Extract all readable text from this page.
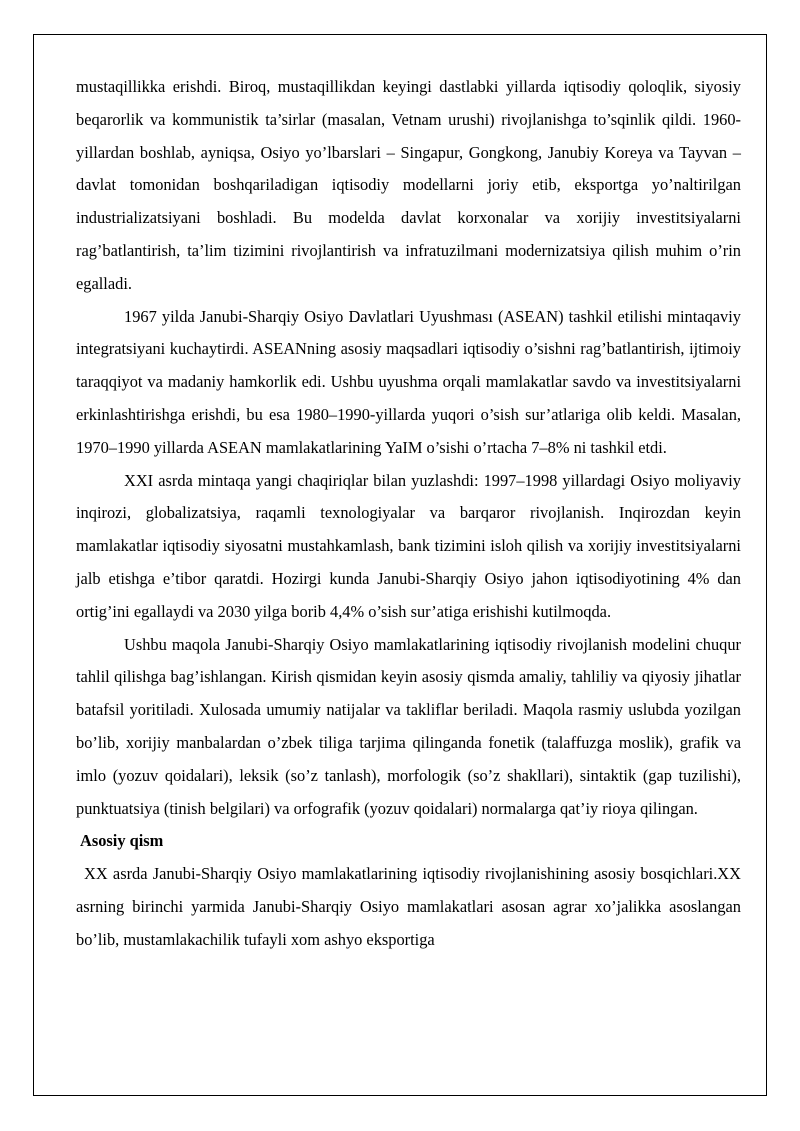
mustaqillikka erishdi. Biroq, mustaqillikdan keyingi dastlabki yillarda iqtisodiy qoloqlik, siyosiy beqarorlik va kommunistik ta’sirlar (masalan, Vetnam urushi) rivojlanishga to’sqinlik qildi. 1960-yillardan boshlab, ayniqsa, Osiyo yo’lbarslari – Singapur, Gongkong, Janubiy Koreya va Tayvan – davlat tomonidan boshqariladigan iqtisodiy modellarni joriy etib, eksportga yo’naltirilgan industrializatsiyani boshladi. Bu modelda davlat korxonalar va xorijiy investitsiyalarni rag’batlantirish, ta’lim tizimini rivojlantirish va infratuzilmani modernizatsiya qilish muhim o’rin egalladi.

1967 yilda Janubi-Sharqiy Osiyo Davlatlari Uyushması (ASEAN) tashkil etilishi mintaqaviy integratsiyani kuchaytirdi. ASEANning asosiy maqsadlari iqtisodiy o’sishni rag’batlantirish, ijtimoiy taraqqiyot va madaniy hamkorlik edi. Ushbu uyushma orqali mamlakatlar savdo va investitsiyalarni erkinlashtirishga erishdi, bu esa 1980–1990-yillarda yuqori o’sish sur’atlariga olib keldi. Masalan, 1970–1990 yillarda ASEAN mamlakatlarining YaIM o’sishi o’rtacha 7–8% ni tashkil etdi.

XXI asrda mintaqa yangi chaqiriqlar bilan yuzlashdi: 1997–1998 yillardagi Osiyo moliyaviy inqirozi, globalizatsiya, raqamli texnologiyalar va barqaror rivojlanish. Inqirozdan keyin mamlakatlar iqtisodiy siyosatni mustahkamlash, bank tizimini isloh qilish va xorijiy investitsiyalarni jalb etishga e’tibor qaratdi. Hozirgi kunda Janubi-Sharqiy Osiyo jahon iqtisodiyotining 4% dan ortig’ini egallaydi va 2030 yilga borib 4,4% o’sish sur’atiga erishishi kutilmoqda.

Ushbu maqola Janubi-Sharqiy Osiyo mamlakatlarining iqtisodiy rivojlanish modelini chuqur tahlil qilishga bag’ishlangan. Kirish qismidan keyin asosiy qismda amaliy, tahliliy va qiyosiy jihatlar batafsil yoritiladi. Xulosada umumiy natijalar va takliflar beriladi. Maqola rasmiy uslubda yozilgan bo’lib, xorijiy manbalardan o’zbek tiliga tarjima qilinganda fonetik (talaffuzga moslik), grafik va imlo (yozuv qoidalari), leksik (so’z tanlash), morfologik (so’z shakllari), sintaktik (gap tuzilishi), punktuatsiya (tinish belgilari) va orfografik (yozuv qoidalari) normalarga qat’iy rioya qilingan.

Asosiy qism

XX asrda Janubi-Sharqiy Osiyo mamlakatlarining iqtisodiy rivojlanishining asosiy bosqichlari.XX asrning birinchi yarmida Janubi-Sharqiy Osiyo mamlakatlari asosan agrar xo’jalikka asoslangan bo’lib, mustamlakachilik tufayli xom ashyo eksportiga
